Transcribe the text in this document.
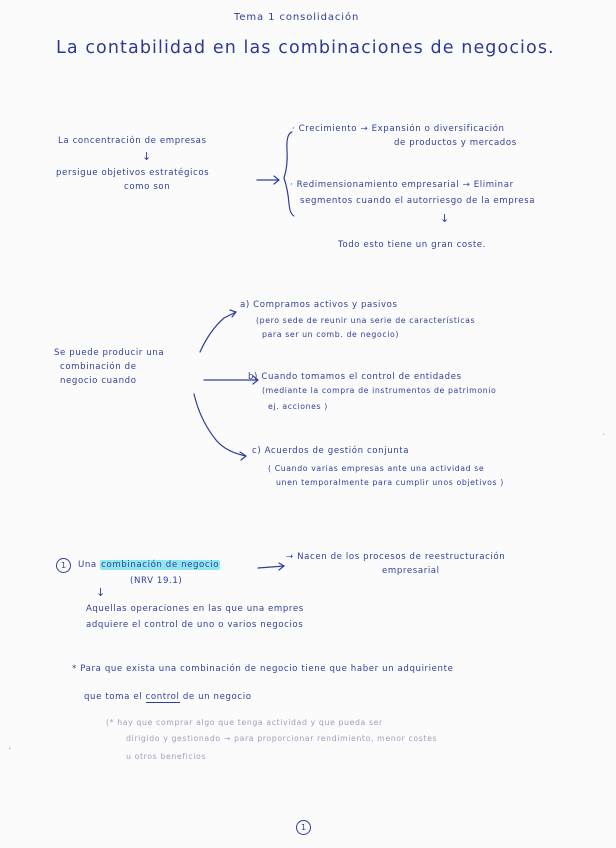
Tema 1 consolidación
La contabilidad en las combinaciones de negocios.
La concentración de empresas
↓
persigue objetivos estratégicos
como son
· Crecimiento → Expansión o diversificación
de productos y mercados
· Redimensionamiento empresarial → Eliminar
segmentos cuando el autorriesgo de la empresa
↓
Todo esto tiene un gran coste.
Se puede producir una
combinación de
negocio cuando
a) Compramos activos y pasivos
(pero sede de reunir una serie de características
para ser un comb. de negocio)
b) Cuando tomamos el control de entidades
(mediante la compra de instrumentos de patrimonio
ej. acciones )
c) Acuerdos de gestión conjunta
( Cuando varias empresas ante una actividad se
unen temporalmente para cumplir unos objetivos )
1	Una combinación de negocio
→ Nacen de los procesos de reestructuración
empresarial
(NRV 19.1)
↓
Aquellas operaciones en las que una empres
adquiere el control de uno o varios negocios
* Para que exista una combinación de negocio tiene que haber un adquiriente
que toma el control de un negocio
(* hay que comprar algo que tenga actividad y que pueda ser
dirigido y gestionado → para proporcionar rendimiento, menor costes
u otros beneficios
1
·
·
